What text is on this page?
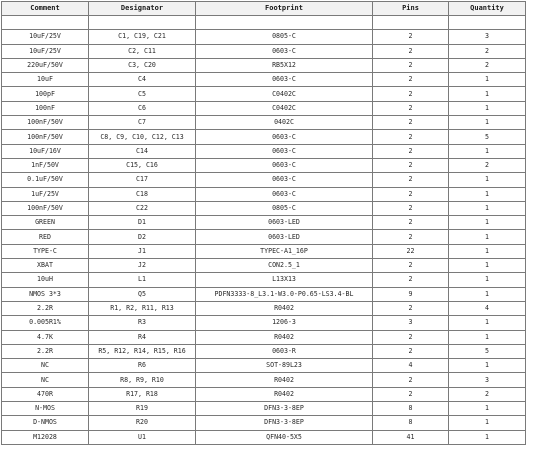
Comment	Designator	Footprint	Pins	Quantity

10uF/25V	C1, C19, C21	0805-C	2	3
10uF/25V	C2, C11	0603-C	2	2
220uF/50V	C3, C20	RB5X12	2	2
10uF	C4	0603-C	2	1
100pF	C5	C0402C	2	1
100nF	C6	C0402C	2	1
100nF/50V	C7	0402C	2	1
100nF/50V	C8, C9, C10, C12, C13	0603-C	2	5
10uF/16V	C14	0603-C	2	1
1nF/50V	C15, C16	0603-C	2	2
0.1uF/50V	C17	0603-C	2	1
1uF/25V	C18	0603-C	2	1
100nF/50V	C22	0805-C	2	1
GREEN	D1	0603-LED	2	1
RED	D2	0603-LED	2	1
TYPE-C	J1	TYPEC-A1_16P	22	1
XBAT	J2	CON2.5_1	2	1
10uH	L1	L13X13	2	1
NMOS 3*3	Q5	PDFN3333-8_L3.1-W3.0-P0.65-LS3.4-BL	9	1
2.2R	R1, R2, R11, R13	R0402	2	4
0.005R1%	R3	1206-3	3	1
4.7K	R4	R0402	2	1
2.2R	R5, R12, R14, R15, R16	0603-R	2	5
NC	R6	SOT-89L23	4	1
NC	R8, R9, R10	R0402	2	3
470R	R17, R18	R0402	2	2
N-MOS	R19	DFN3-3-8EP	8	1
D-NMOS	R20	DFN3-3-8EP	8	1
M12028	U1	QFN40-5X5	41	1
